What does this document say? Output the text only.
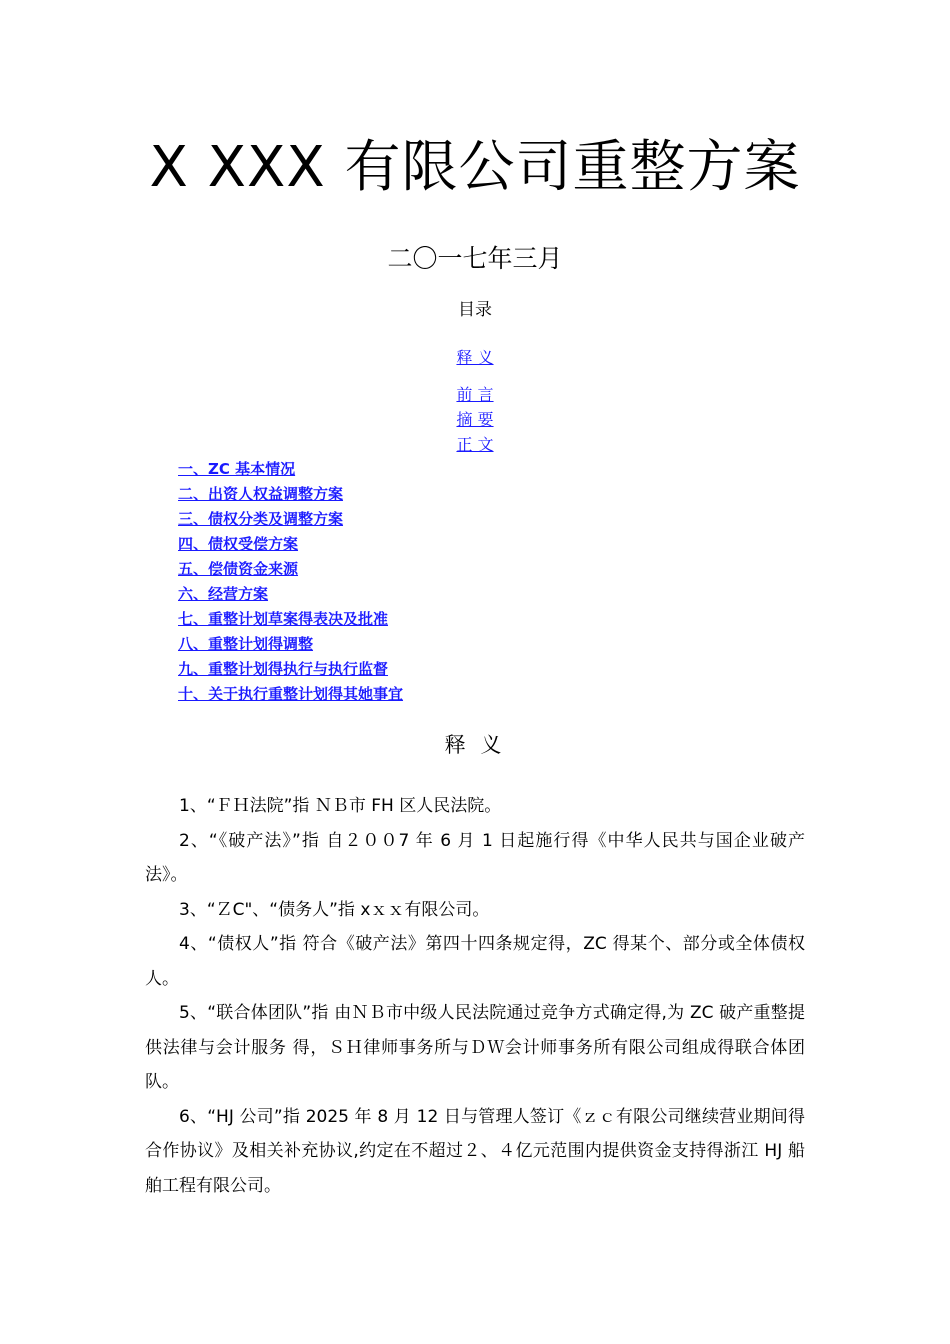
X XXX 有限公司重整方案
二〇一七年三月
目录
释 义
前 言
摘 要
正 文
一、ZC 基本情况
二、出资人权益调整方案
三、债权分类及调整方案
四、债权受偿方案
五、偿债资金来源
六、经营方案
七、重整计划草案得表决及批准
八、重整计划得调整
九、重整计划得执行与执行监督
十、关于执行重整计划得其她事宜
释 义

1、“ＦＨ法院”指 ＮＢ市 FH 区人民法院。

2、“《破产法》”指 自２００7 年 6 月 1 日起施行得《中华人民共与国企业破产法》。

3、“ＺC"、“债务人”指 xｘｘ有限公司。

4、“债权人”指 符合《破产法》第四十四条规定得，ZC 得某个、部分或全体债权人。

5、“联合体团队”指 由ＮＢ市中级人民法院通过竞争方式确定得,为 ZC 破产重整提供法律与会计服务 得，ＳＨ律师事务所与ＤＷ会计师事务所有限公司组成得联合体团队。

6、“HJ 公司”指 2025 年 8 月 12 日与管理人签订《ｚｃ有限公司继续营业期间得合作协议》及相关补充协议,约定在不超过２、４亿元范围内提供资金支持得浙江 HJ 船舶工程有限公司。
